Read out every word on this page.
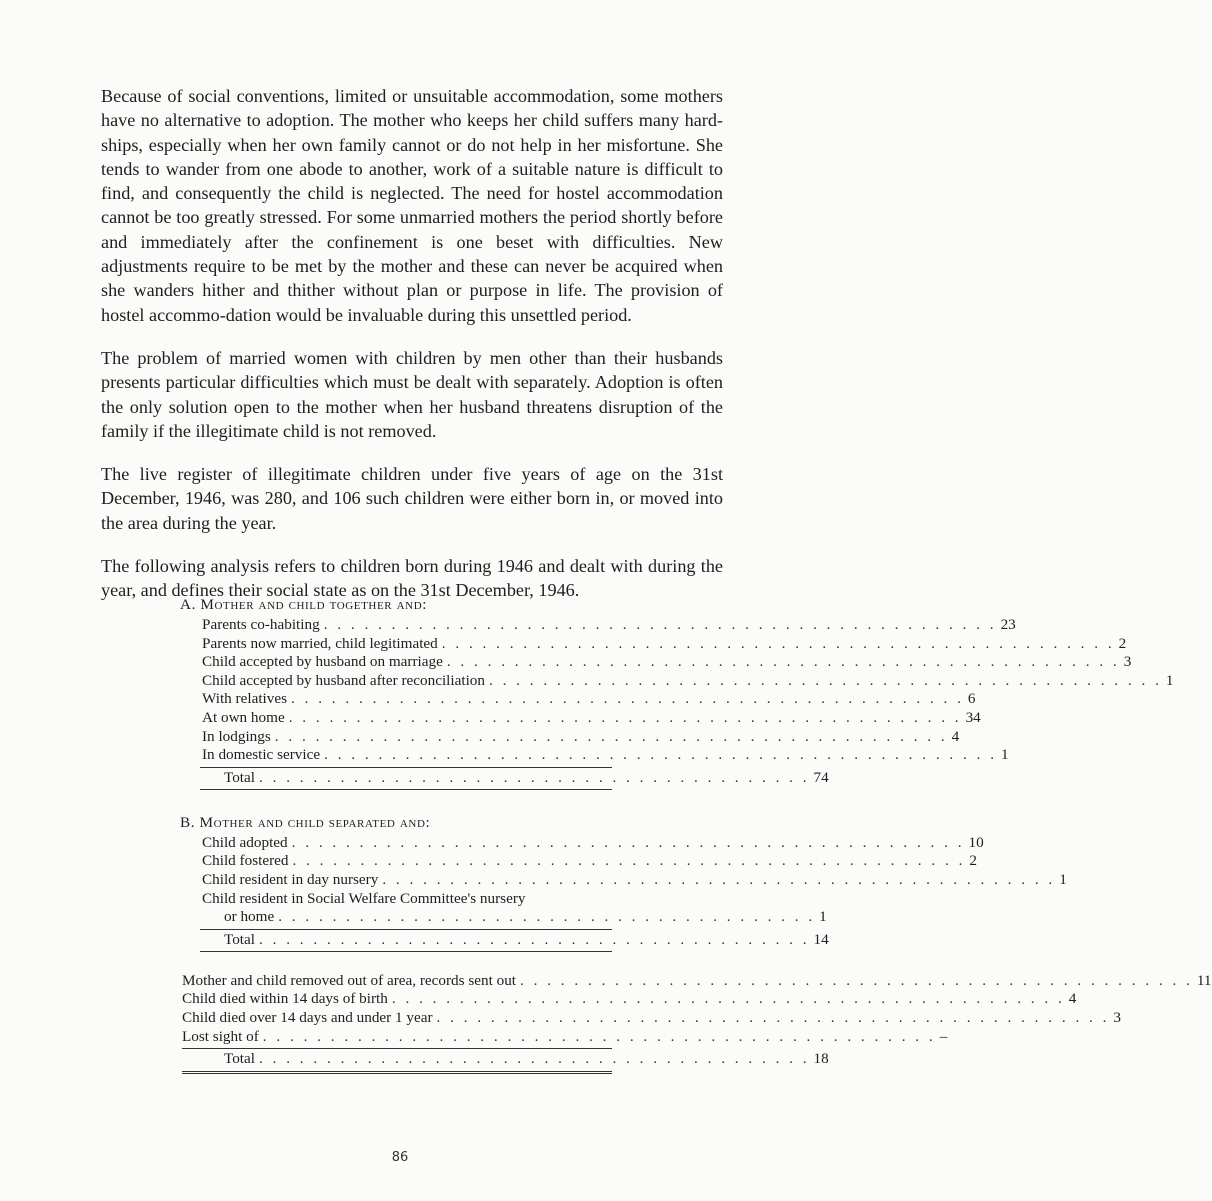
Because of social conventions, limited or unsuitable accommodation, some mothers have no alternative to adoption. The mother who keeps her child suffers many hard-ships, especially when her own family cannot or do not help in her misfortune. She tends to wander from one abode to another, work of a suitable nature is difficult to find, and consequently the child is neglected. The need for hostel accommodation cannot be too greatly stressed. For some unmarried mothers the period shortly before and immediately after the confinement is one beset with difficulties. New adjustments require to be met by the mother and these can never be acquired when she wanders hither and thither without plan or purpose in life. The provision of hostel accommo-dation would be invaluable during this unsettled period.

The problem of married women with children by men other than their husbands presents particular difficulties which must be dealt with separately. Adoption is often the only solution open to the mother when her husband threatens disruption of the family if the illegitimate child is not removed.

The live register of illegitimate children under five years of age on the 31st December, 1946, was 280, and 106 such children were either born in, or moved into the area during the year.

The following analysis refers to children born during 1946 and dealt with during the year, and defines their social state as on the 31st December, 1946.

A. Mother and child together and:
Parents co-habiting . . . . . . . . . . . . . . . . . . . . . . . . . . . . . . . . . . . . . . . . . . . . . . . . . . 23
Parents now married, child legitimated . . . . . . . . . . . . . . . . . . . . . . . . . . . . . . . . . . . . . . . . . . . . . . . . . . 2
Child accepted by husband on marriage . . . . . . . . . . . . . . . . . . . . . . . . . . . . . . . . . . . . . . . . . . . . . . . . . . 3
Child accepted by husband after reconciliation . . . . . . . . . . . . . . . . . . . . . . . . . . . . . . . . . . . . . . . . . . . . . . . . . . 1
With relatives . . . . . . . . . . . . . . . . . . . . . . . . . . . . . . . . . . . . . . . . . . . . . . . . . . 6
At own home . . . . . . . . . . . . . . . . . . . . . . . . . . . . . . . . . . . . . . . . . . . . . . . . . . 34
In lodgings . . . . . . . . . . . . . . . . . . . . . . . . . . . . . . . . . . . . . . . . . . . . . . . . . . 4
In domestic service . . . . . . . . . . . . . . . . . . . . . . . . . . . . . . . . . . . . . . . . . . . . . . . . . . 1
Total . . . . . . . . . . . . . . . . . . . . . . . . . . . . . . . . . . . . . . . . . 74
B. Mother and child separated and:
Child adopted . . . . . . . . . . . . . . . . . . . . . . . . . . . . . . . . . . . . . . . . . . . . . . . . . . 10
Child fostered . . . . . . . . . . . . . . . . . . . . . . . . . . . . . . . . . . . . . . . . . . . . . . . . . . 2
Child resident in day nursery . . . . . . . . . . . . . . . . . . . . . . . . . . . . . . . . . . . . . . . . . . . . . . . . . . 1
Child resident in Social Welfare Committee's nursery
or home . . . . . . . . . . . . . . . . . . . . . . . . . . . . . . . . . . . . . . . . 1
Total . . . . . . . . . . . . . . . . . . . . . . . . . . . . . . . . . . . . . . . . . 14
Mother and child removed out of area, records sent out . . . . . . . . . . . . . . . . . . . . . . . . . . . . . . . . . . . . . . . . . . . . . . . . . . 11
Child died within 14 days of birth . . . . . . . . . . . . . . . . . . . . . . . . . . . . . . . . . . . . . . . . . . . . . . . . . . 4
Child died over 14 days and under 1 year . . . . . . . . . . . . . . . . . . . . . . . . . . . . . . . . . . . . . . . . . . . . . . . . . . 3
Lost sight of . . . . . . . . . . . . . . . . . . . . . . . . . . . . . . . . . . . . . . . . . . . . . . . . . . –
Total . . . . . . . . . . . . . . . . . . . . . . . . . . . . . . . . . . . . . . . . . 18
86
